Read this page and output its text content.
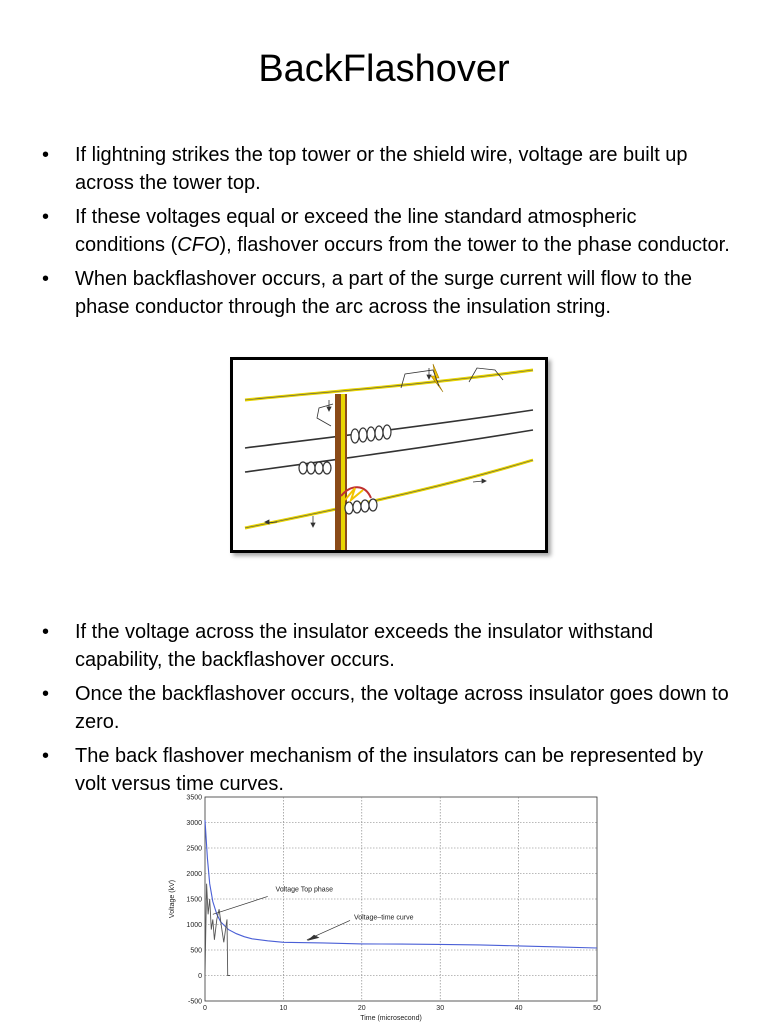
BackFlashover
• If lightning strikes the top tower or the shield wire, voltage are built up across the tower top.
• If these voltages equal or exceed the line standard atmospheric conditions (CFO), flashover occurs from the tower to the phase conductor.
• When backflashover occurs, a part of the surge current will flow to the phase conductor through the arc across the insulation string.
• If the voltage across the insulator exceeds the insulator withstand capability, the backflashover occurs.
• Once the backflashover occurs, the voltage across insulator goes down to zero.
• The back flashover mechanism of the insulators can be represented by volt versus time curves.
0	10	20	30	40	50
-500
0
500
1000
1500
2000
2500
3000
3500
Time (microsecond)
Voltage (kV)	Voltage Top phase
Voltage–time curve
